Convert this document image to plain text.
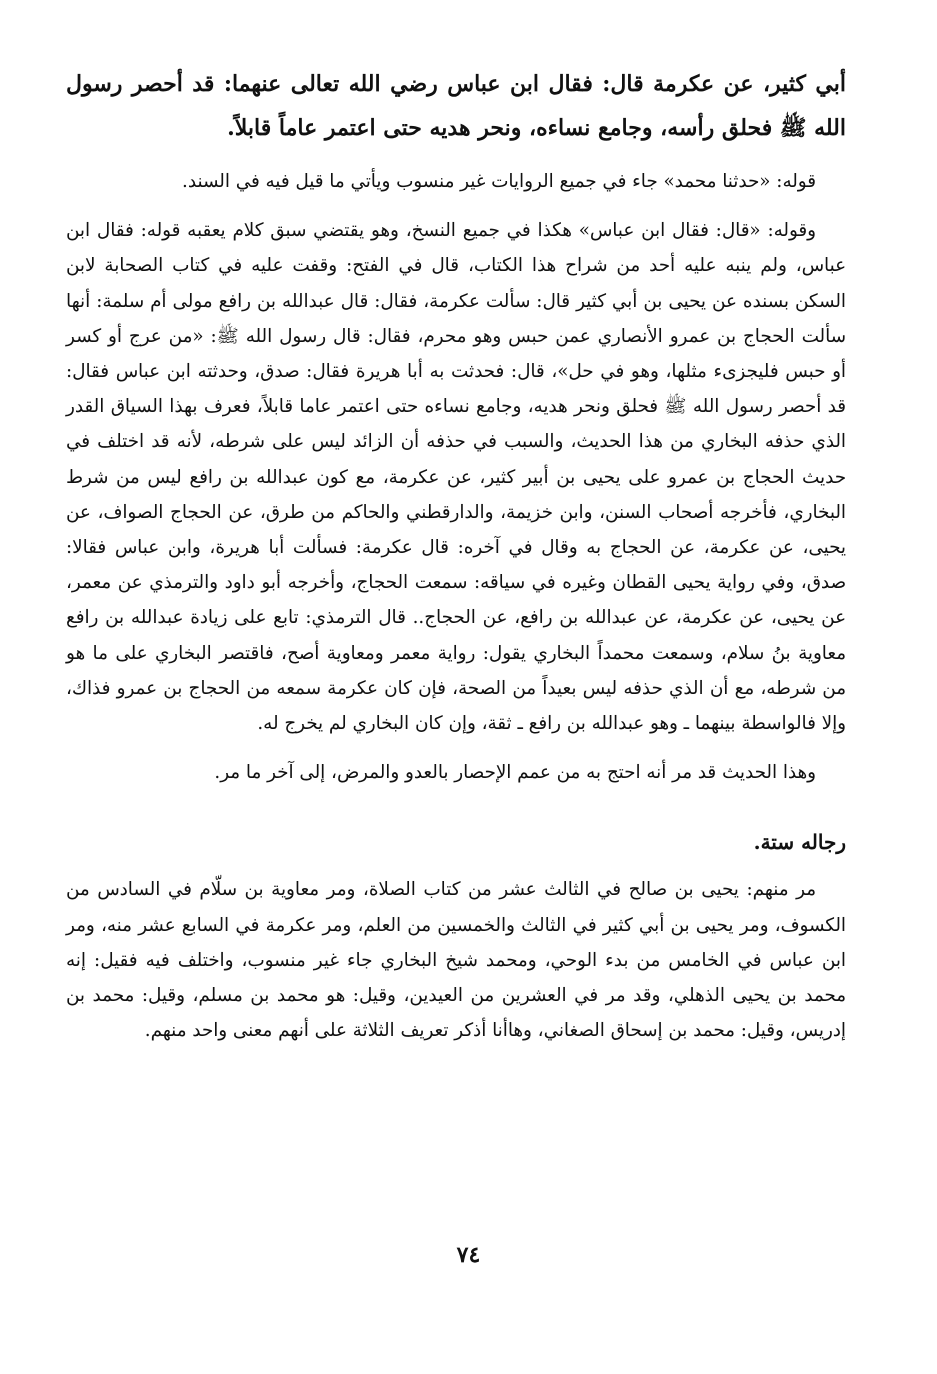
أبي كثير، عن عكرمة قال: فقال ابن عباس رضي الله تعالى عنهما: قد أحصر رسول الله ﷺ فحلق رأسه، وجامع نساءه، ونحر هديه حتى اعتمر عاماً قابلاً.

قوله: «حدثنا محمد» جاء في جميع الروايات غير منسوب ويأتي ما قيل فيه في السند.

وقوله: «قال: فقال ابن عباس» هكذا في جميع النسخ، وهو يقتضي سبق كلام يعقبه قوله: فقال ابن عباس، ولم ينبه عليه أحد من شراح هذا الكتاب، قال في الفتح: وقفت عليه في كتاب الصحابة لابن السكن بسنده عن يحيى بن أبي كثير قال: سألت عكرمة، فقال: قال عبدالله بن رافع مولى أم سلمة: أنها سألت الحجاج بن عمرو الأنصاري عمن حبس وهو محرم، فقال: قال رسول الله ﷺ: «من عرج أو كسر أو حبس فليجزىء مثلها، وهو في حل»، قال: فحدثت به أبا هريرة فقال: صدق، وحدثته ابن عباس فقال: قد أحصر رسول الله ﷺ فحلق ونحر هديه، وجامع نساءه حتى اعتمر عاما قابلاً، فعرف بهذا السياق القدر الذي حذفه البخاري من هذا الحديث، والسبب في حذفه أن الزائد ليس على شرطه، لأنه قد اختلف في حديث الحجاج بن عمرو على يحيى بن أبير كثير، عن عكرمة، مع كون عبدالله بن رافع ليس من شرط البخاري، فأخرجه أصحاب السنن، وابن خزيمة، والدارقطني والحاكم من طرق، عن الحجاج الصواف، عن يحيى، عن عكرمة، عن الحجاج به وقال في آخره: قال عكرمة: فسألت أبا هريرة، وابن عباس فقالا: صدق، وفي رواية يحيى القطان وغيره في سياقه: سمعت الحجاج، وأخرجه أبو داود والترمذي عن معمر، عن يحيى، عن عكرمة، عن عبدالله بن رافع، عن الحجاج.. قال الترمذي: تابع على زيادة عبدالله بن رافع معاوية بنُ سلام، وسمعت محمداً البخاري يقول: رواية معمر ومعاوية أصح، فاقتصر البخاري على ما هو من شرطه، مع أن الذي حذفه ليس بعيداً من الصحة، فإن كان عكرمة سمعه من الحجاج بن عمرو فذاك، وإلا فالواسطة بينهما ـ وهو عبدالله بن رافع ـ ثقة، وإن كان البخاري لم يخرج له.

وهذا الحديث قد مر أنه احتج به من عمم الإحصار بالعدو والمرض، إلى آخر ما مر.

رجاله ستة.

مر منهم: يحيى بن صالح في الثالث عشر من كتاب الصلاة، ومر معاوية بن سلّام في السادس من الكسوف، ومر يحيى بن أبي كثير في الثالث والخمسين من العلم، ومر عكرمة في السابع عشر منه، ومر ابن عباس في الخامس من بدء الوحي، ومحمد شيخ البخاري جاء غير منسوب، واختلف فيه فقيل: إنه محمد بن يحيى الذهلي، وقد مر في العشرين من العيدين، وقيل: هو محمد بن مسلم، وقيل: محمد بن إدريس، وقيل: محمد بن إسحاق الصغاني، وهاأنا أذكر تعريف الثلاثة على أنهم معنى واحد منهم.

٧٤
